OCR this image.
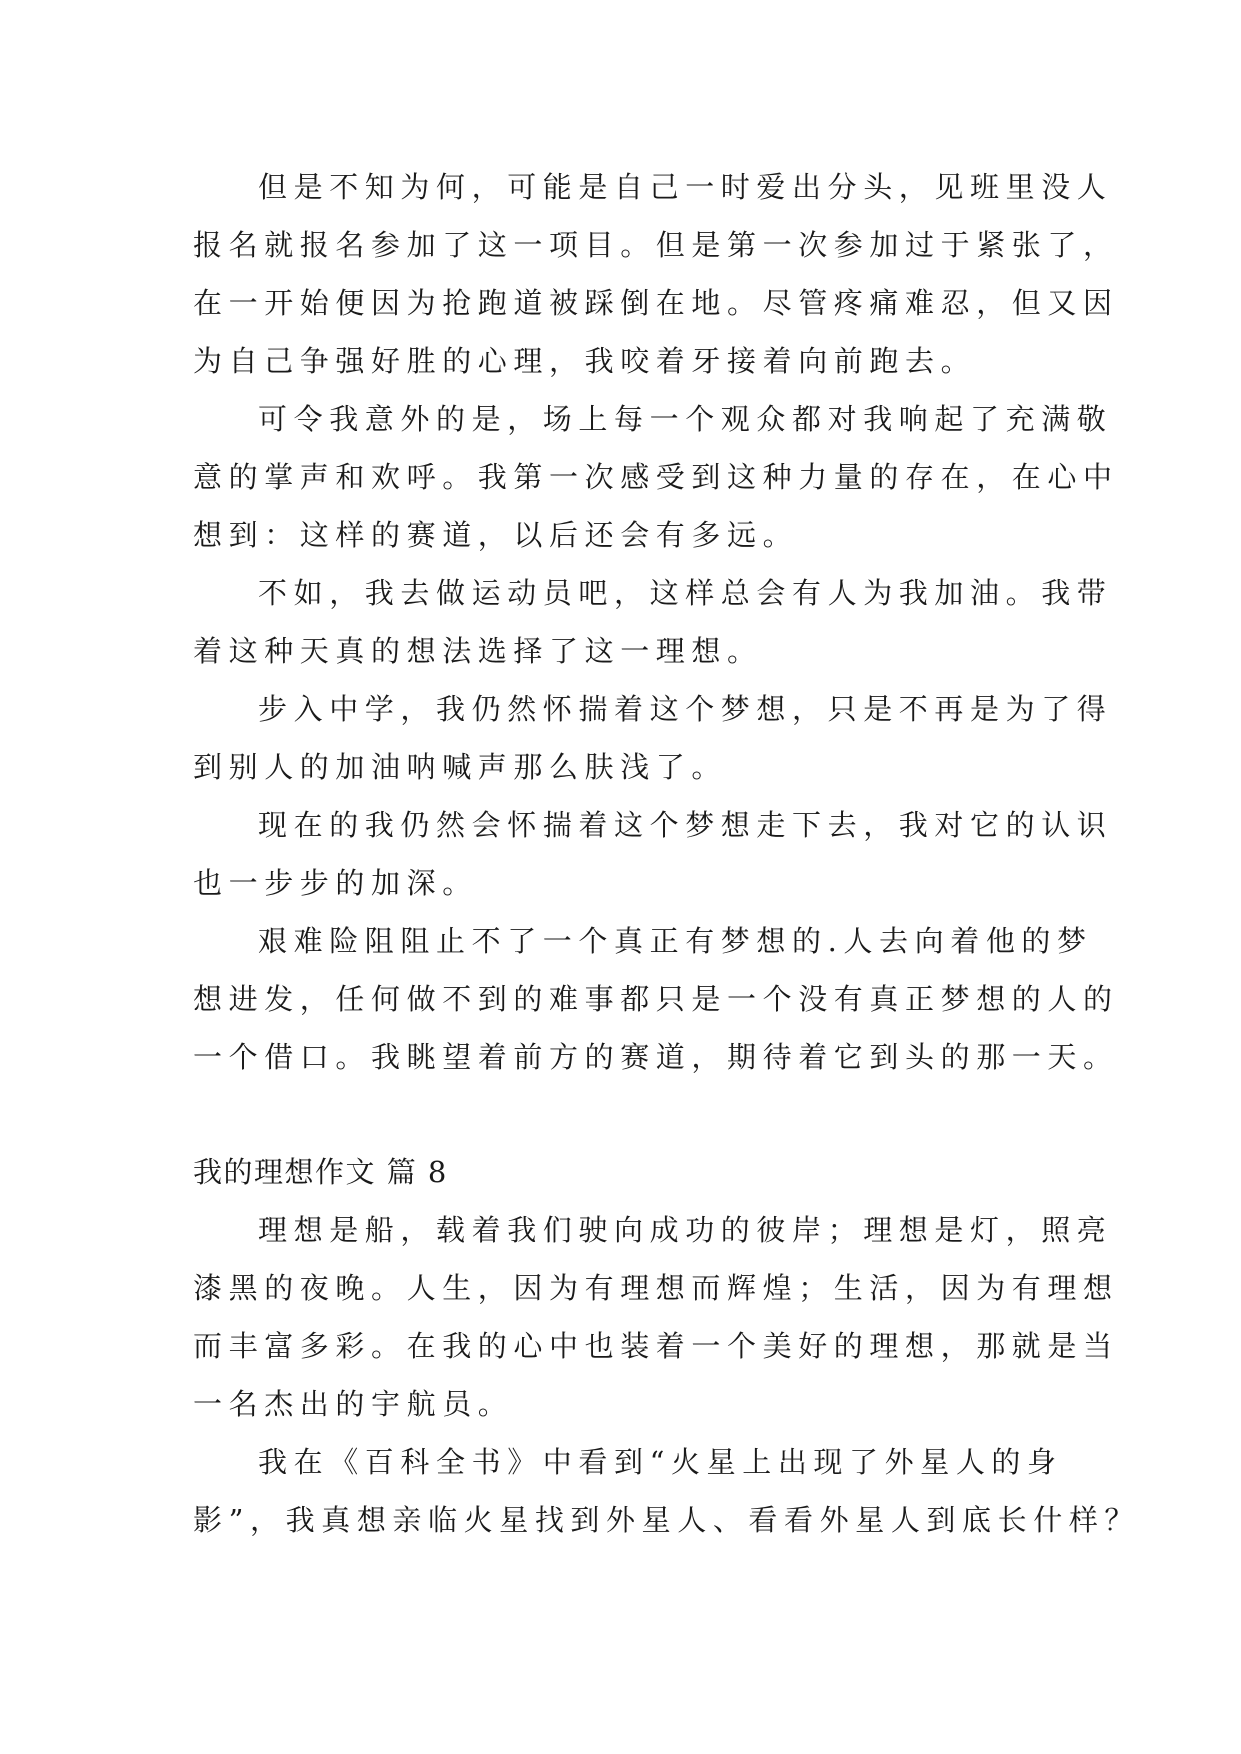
但是不知为何，可能是自己一时爱出分头，见班里没人
报名就报名参加了这一项目。但是第一次参加过于紧张了，
在一开始便因为抢跑道被踩倒在地。尽管疼痛难忍，但又因
为自己争强好胜的心理，我咬着牙接着向前跑去。
可令我意外的是，场上每一个观众都对我响起了充满敬
意的掌声和欢呼。我第一次感受到这种力量的存在，在心中
想到：这样的赛道，以后还会有多远。
不如，我去做运动员吧，这样总会有人为我加油。我带
着这种天真的想法选择了这一理想。
步入中学，我仍然怀揣着这个梦想，只是不再是为了得
到别人的加油呐喊声那么肤浅了。
现在的我仍然会怀揣着这个梦想走下去，我对它的认识
也一步步的加深。
艰难险阻阻止不了一个真正有梦想的.人去向着他的梦
想进发，任何做不到的难事都只是一个没有真正梦想的人的
一个借口。我眺望着前方的赛道，期待着它到头的那一天。
我的理想作文 篇 8
理想是船，载着我们驶向成功的彼岸；理想是灯，照亮
漆黑的夜晚。人生，因为有理想而辉煌；生活，因为有理想
而丰富多彩。在我的心中也装着一个美好的理想，那就是当
一名杰出的宇航员。
我在《百科全书》中看到“火星上出现了外星人的身
影”，我真想亲临火星找到外星人、看看外星人到底长什样？
